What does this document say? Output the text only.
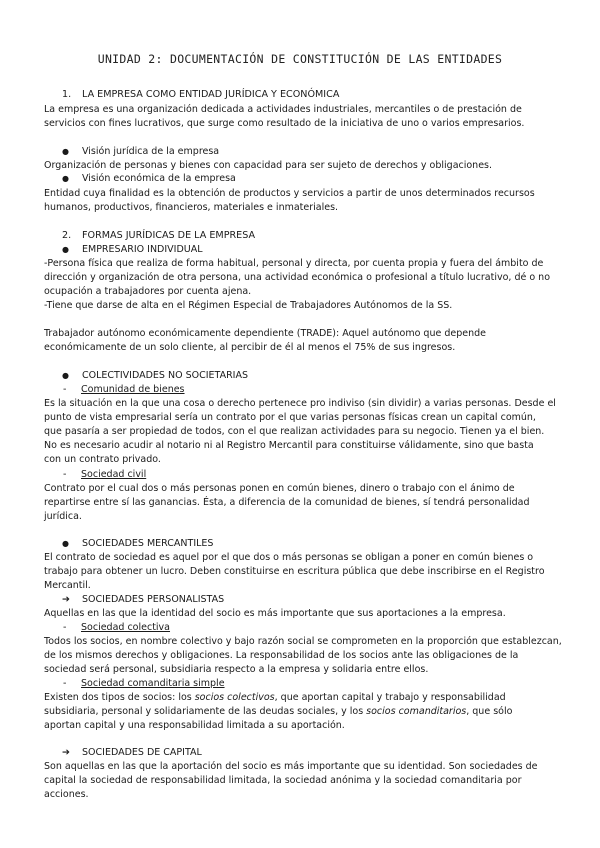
UNIDAD 2: DOCUMENTACIÓN DE CONSTITUCIÓN DE LAS ENTIDADES
1. LA EMPRESA COMO ENTIDAD JURÍDICA Y ECONÓMICA
La empresa es una organización dedicada a actividades industriales, mercantiles o de prestación de
servicios con fines lucrativos, que surge como resultado de la iniciativa de uno o varios empresarios.
● Visión jurídica de la empresa
Organización de personas y bienes con capacidad para ser sujeto de derechos y obligaciones.
● Visión económica de la empresa
Entidad cuya finalidad es la obtención de productos y servicios a partir de unos determinados recursos
humanos, productivos, financieros, materiales e inmateriales.
2. FORMAS JURÍDICAS DE LA EMPRESA
● EMPRESARIO INDIVIDUAL
-Persona física que realiza de forma habitual, personal y directa, por cuenta propia y fuera del ámbito de
dirección y organización de otra persona, una actividad económica o profesional a título lucrativo, dé o no
ocupación a trabajadores por cuenta ajena.
-Tiene que darse de alta en el Régimen Especial de Trabajadores Autónomos de la SS.
Trabajador autónomo económicamente dependiente (TRADE): Aquel autónomo que depende
económicamente de un solo cliente, al percibir de él al menos el 75% de sus ingresos.
● COLECTIVIDADES NO SOCIETARIAS
- Comunidad de bienes
Es la situación en la que una cosa o derecho pertenece pro indiviso (sin dividir) a varias personas. Desde el
punto de vista empresarial sería un contrato por el que varias personas físicas crean un capital común,
que pasaría a ser propiedad de todos, con el que realizan actividades para su negocio. Tienen ya el bien.
No es necesario acudir al notario ni al Registro Mercantil para constituirse válidamente, sino que basta
con un contrato privado.
- Sociedad civil
Contrato por el cual dos o más personas ponen en común bienes, dinero o trabajo con el ánimo de
repartirse entre sí las ganancias. Ésta, a diferencia de la comunidad de bienes, sí tendrá personalidad
jurídica.
● SOCIEDADES MERCANTILES
El contrato de sociedad es aquel por el que dos o más personas se obligan a poner en común bienes o
trabajo para obtener un lucro. Deben constituirse en escritura pública que debe inscribirse en el Registro
Mercantil.
➔ SOCIEDADES PERSONALISTAS
Aquellas en las que la identidad del socio es más importante que sus aportaciones a la empresa.
- Sociedad colectiva
Todos los socios, en nombre colectivo y bajo razón social se comprometen en la proporción que establezcan,
de los mismos derechos y obligaciones. La responsabilidad de los socios ante las obligaciones de la
sociedad será personal, subsidiaria respecto a la empresa y solidaria entre ellos.
- Sociedad comanditaria simple
Existen dos tipos de socios: los socios colectivos, que aportan capital y trabajo y responsabilidad
subsidiaria, personal y solidariamente de las deudas sociales, y los socios comanditarios, que sólo
aportan capital y una responsabilidad limitada a su aportación.
➔ SOCIEDADES DE CAPITAL
Son aquellas en las que la aportación del socio es más importante que su identidad. Son sociedades de
capital la sociedad de responsabilidad limitada, la sociedad anónima y la sociedad comanditaria por
acciones.
